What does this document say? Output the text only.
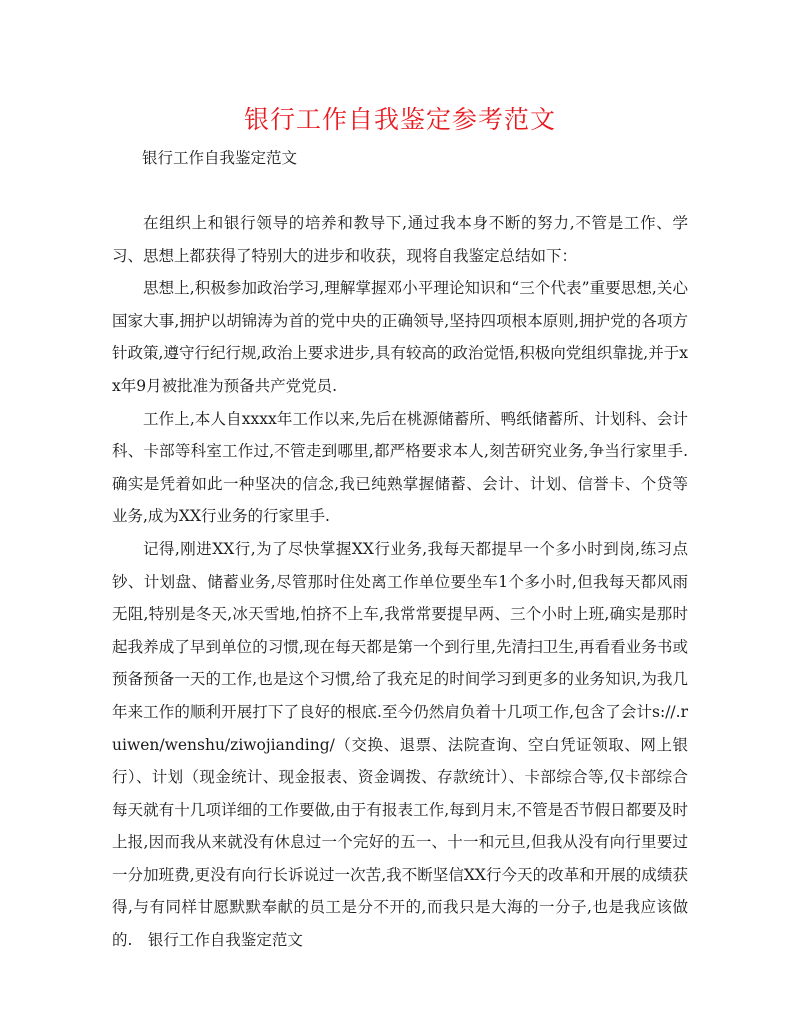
银行工作自我鉴定参考范文

银行工作自我鉴定范文

在组织上和银行领导的培养和教导下,通过我本身不断的努力,不管是工作、学习、思想上都获得了特别大的进步和收获，现将自我鉴定总结如下：

思想上,积极参加政治学习,理解掌握邓小平理论知识和“三个代表”重要思想,关心国家大事,拥护以胡锦涛为首的党中央的正确领导,坚持四项根本原则,拥护党的各项方针政策,遵守行纪行规,政治上要求进步,具有较高的政治觉悟,积极向党组织靠拢,并于xx年9月被批准为预备共产党党员.

工作上,本人自xxxx年工作以来,先后在桃源储蓄所、鸭纸储蓄所、计划科、会计科、卡部等科室工作过,不管走到哪里,都严格要求本人,刻苦研究业务,争当行家里手.确实是凭着如此一种坚决的信念,我已纯熟掌握储蓄、会计、计划、信誉卡、个贷等业务,成为XX行业务的行家里手.

记得,刚进XX行,为了尽快掌握XX行业务,我每天都提早一个多小时到岗,练习点钞、计划盘、储蓄业务,尽管那时住处离工作单位要坐车1个多小时,但我每天都风雨无阻,特别是冬天,冰天雪地,怕挤不上车,我常常要提早两、三个小时上班,确实是那时起我养成了早到单位的习惯,现在每天都是第一个到行里,先清扫卫生,再看看业务书或预备预备一天的工作,也是这个习惯,给了我充足的时间学习到更多的业务知识,为我几年来工作的顺利开展打下了良好的根底.至今仍然肩负着十几项工作,包含了会计s://.ruiwen/wenshu/ziwojianding/（交换、退票、法院查询、空白凭证领取、网上银行）、计划（现金统计、现金报表、资金调拨、存款统计）、卡部综合等,仅卡部综合每天就有十几项详细的工作要做,由于有报表工作,每到月末,不管是否节假日都要及时上报,因而我从来就没有休息过一个完好的五一、十一和元旦,但我从没有向行里要过一分加班费,更没有向行长诉说过一次苦,我不断坚信XX行今天的改革和开展的成绩获得,与有同样甘愿默默奉献的员工是分不开的,而我只是大海的一分子,也是我应该做的.　银行工作自我鉴定范文
